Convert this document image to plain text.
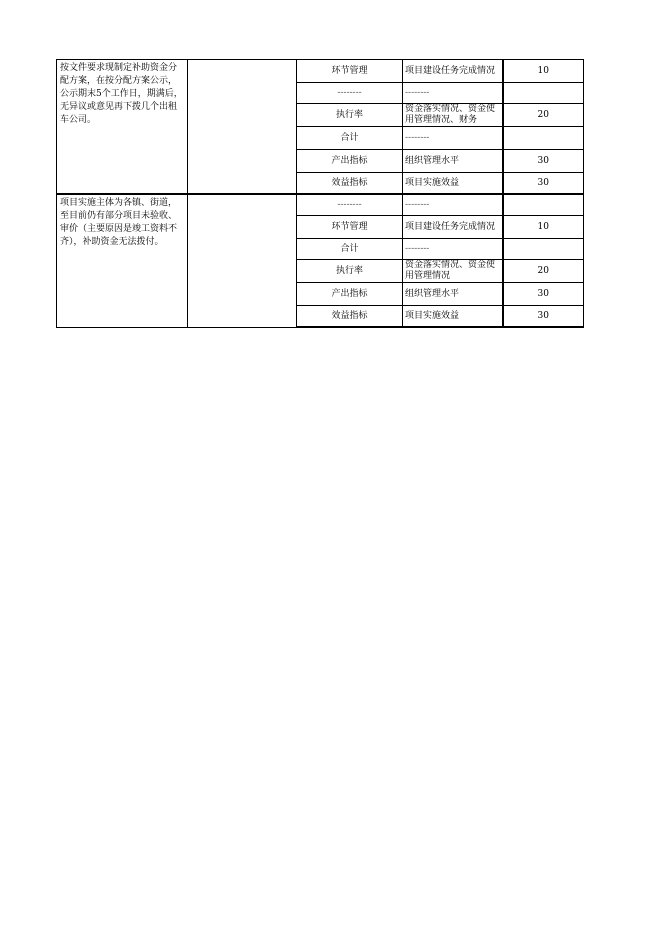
按文件要求现制定补助资金分配方案，在按分配方案公示，公示期末5个工作日，期满后，无异议或意见再下拨几个出租车公司。		环节管理	项目建设任务完成情况	10
		--------	--------	
		执行率	资金落实情况、资金使用管理情况、财务	20
		合计	--------	
		产出指标	组织管理水平	30
		效益指标	项目实施效益	30
项目实施主体为各镇、街道，至目前仍有部分项目未验收、审价（主要原因是竣工资料不齐），补助资金无法拨付。		--------	--------	
		环节管理	项目建设任务完成情况	10
		合计	--------	
		执行率	资金落实情况、资金使用管理情况	20
		产出指标	组织管理水平	30
		效益指标	项目实施效益	30
